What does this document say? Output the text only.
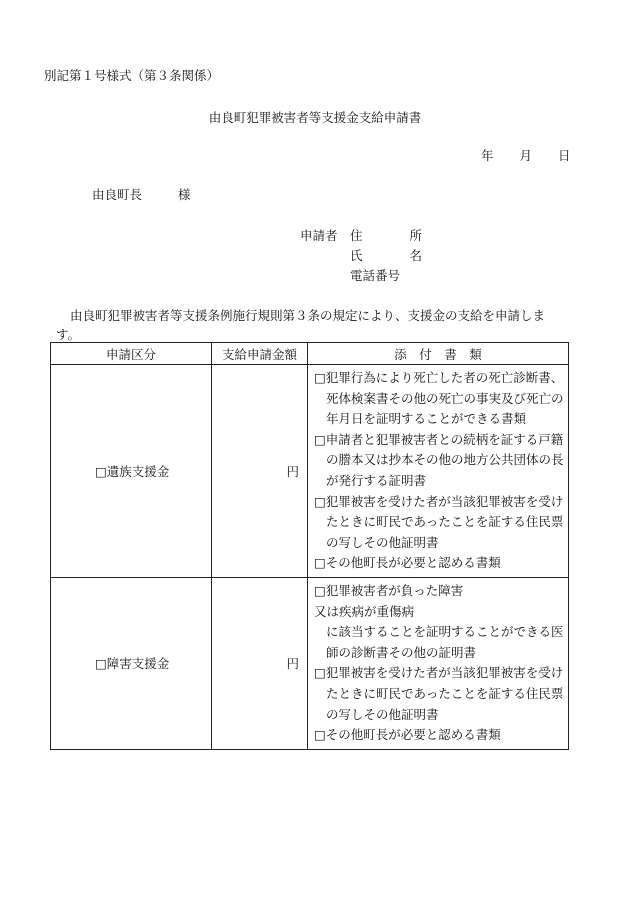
別記第１号様式（第３条関係）
由良町犯罪被害者等支援金支給申請書
年 月 日
由良町長	様
申請者 住	所
氏	名
電話番号
由良町犯罪被害者等支援条例施行規則第３条の規定により、支援金の支給を申請します。
申請区分	支給申請金額	添　付　書　類
□遺族支援金	円	□犯罪行為により死亡した者の死亡診断書、死体検案書その他の死亡の事実及び死亡の年月日を証明することができる書類
□申請者と犯罪被害者との続柄を証する戸籍の謄本又は抄本その他の地方公共団体の長が発行する証明書
□犯罪被害を受けた者が当該犯罪被害を受けたときに町民であったことを証する住民票の写しその他証明書
□その他町長が必要と認める書類

□障害支援金	円	□犯罪被害者が負った障害
又は疾病が重傷病
に該当することを証明することができる医師の診断書その他の証明書
□犯罪被害を受けた者が当該犯罪被害を受けたときに町民であったことを証する住民票の写しその他証明書
□その他町長が必要と認める書類
